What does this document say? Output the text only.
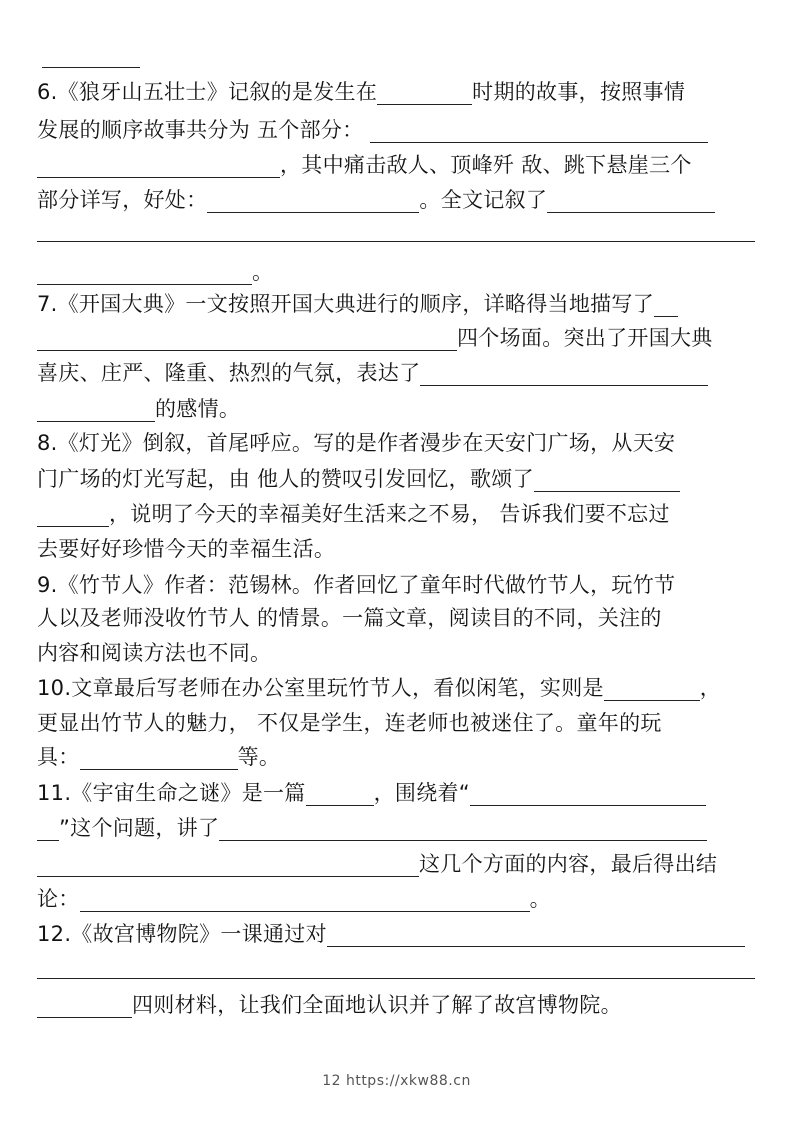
6.《狼牙山五壮士》记叙的是发生在	时期的故事，按照事情
发展的顺序故事共分为 五个部分：
，其中痛击敌人、顶峰歼 敌、跳下悬崖三个
部分详写，好处：	。全文记叙了
。
7.《开国大典》一文按照开国大典进行的顺序，详略得当地描写了
四个场面。突出了开国大典
喜庆、庄严、隆重、热烈的气氛，表达了
的感情。
8.《灯光》倒叙，首尾呼应。写的是作者漫步在天安门广场，从天安
门广场的灯光写起，由 他人的赞叹引发回忆，歌颂了
，说明了今天的幸福美好生活来之不易， 告诉我们要不忘过
去要好好珍惜今天的幸福生活。
9.《竹节人》作者：范锡林。作者回忆了童年时代做竹节人，玩竹节
人以及老师没收竹节人 的情景。一篇文章，阅读目的不同，关注的
内容和阅读方法也不同。
10.文章最后写老师在办公室里玩竹节人，看似闲笔，实则是	，
更显出竹节人的魅力， 不仅是学生，连老师也被迷住了。童年的玩
具：	等。
11.《宇宙生命之谜》是一篇	，围绕着“
”这个问题，讲了
这几个方面的内容，最后得出结
论：	。
12.《故宫博物院》一课通过对
四则材料，让我们全面地认识并了解了故宫博物院。
12 https://xkw88.cn
